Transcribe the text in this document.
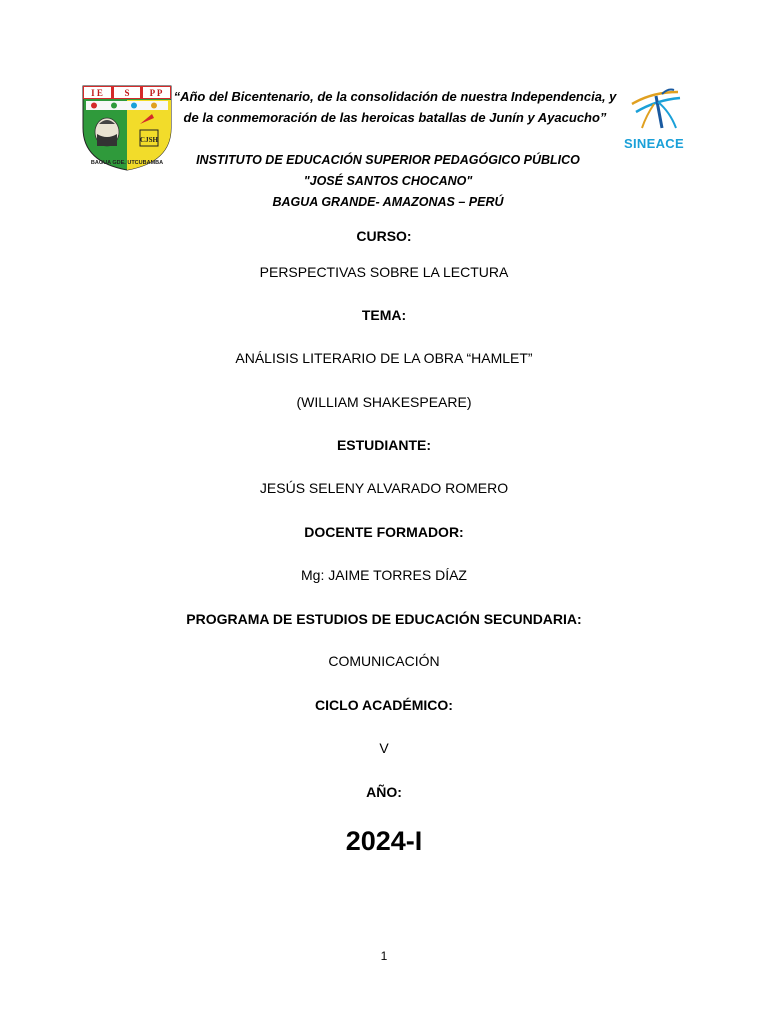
I E S P P
CJSH
BAGUA GDE. UTCUBAMBA
SINEACE
“Año del Bicentenario, de la consolidación de nuestra Independencia, y
de la conmemoración de las heroicas batallas de Junín y Ayacucho”
INSTITUTO DE EDUCACIÓN SUPERIOR PEDAGÓGICO PÚBLICO
"JOSÉ SANTOS CHOCANO"
BAGUA GRANDE- AMAZONAS – PERÚ
CURSO:
PERSPECTIVAS SOBRE LA LECTURA
TEMA:
ANÁLISIS LITERARIO DE LA OBRA “HAMLET”
(WILLIAM SHAKESPEARE)
ESTUDIANTE:
JESÚS SELENY ALVARADO ROMERO
DOCENTE FORMADOR:
Mg: JAIME TORRES DÍAZ
PROGRAMA DE ESTUDIOS DE EDUCACIÓN SECUNDARIA:
COMUNICACIÓN
CICLO ACADÉMICO:
V
AÑO:
2024-I
1
